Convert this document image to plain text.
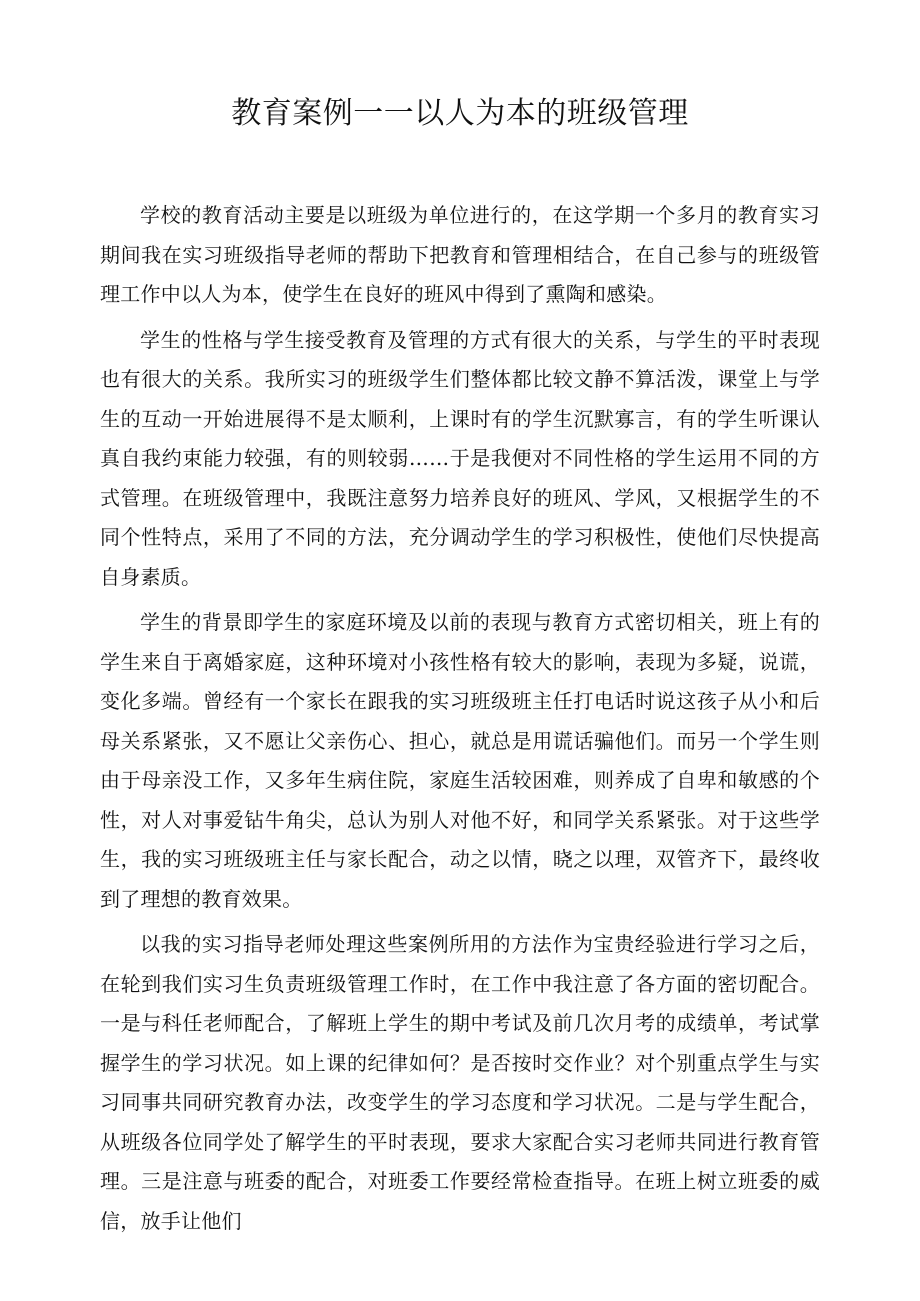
教育案例一一以人为本的班级管理

学校的教育活动主要是以班级为单位进行的，在这学期一个多月的教育实习期间我在实习班级指导老师的帮助下把教育和管理相结合，在自己参与的班级管理工作中以人为本，使学生在良好的班风中得到了熏陶和感染。

学生的性格与学生接受教育及管理的方式有很大的关系，与学生的平时表现也有很大的关系。我所实习的班级学生们整体都比较文静不算活泼，课堂上与学生的互动一开始进展得不是太顺利，上课时有的学生沉默寡言，有的学生听课认真自我约束能力较强，有的则较弱……于是我便对不同性格的学生运用不同的方式管理。在班级管理中，我既注意努力培养良好的班风、学风，又根据学生的不同个性特点，采用了不同的方法，充分调动学生的学习积极性，使他们尽快提高自身素质。

学生的背景即学生的家庭环境及以前的表现与教育方式密切相关，班上有的学生来自于离婚家庭，这种环境对小孩性格有较大的影响，表现为多疑，说谎，变化多端。曾经有一个家长在跟我的实习班级班主任打电话时说这孩子从小和后母关系紧张，又不愿让父亲伤心、担心，就总是用谎话骗他们。而另一个学生则由于母亲没工作，又多年生病住院，家庭生活较困难，则养成了自卑和敏感的个性，对人对事爱钻牛角尖，总认为别人对他不好，和同学关系紧张。对于这些学生，我的实习班级班主任与家长配合，动之以情，晓之以理，双管齐下，最终收到了理想的教育效果。

以我的实习指导老师处理这些案例所用的方法作为宝贵经验进行学习之后，在轮到我们实习生负责班级管理工作时，在工作中我注意了各方面的密切配合。一是与科任老师配合，了解班上学生的期中考试及前几次月考的成绩单，考试掌握学生的学习状况。如上课的纪律如何？是否按时交作业？对个别重点学生与实习同事共同研究教育办法，改变学生的学习态度和学习状况。二是与学生配合，从班级各位同学处了解学生的平时表现，要求大家配合实习老师共同进行教育管理。三是注意与班委的配合，对班委工作要经常检查指导。在班上树立班委的威信，放手让他们
